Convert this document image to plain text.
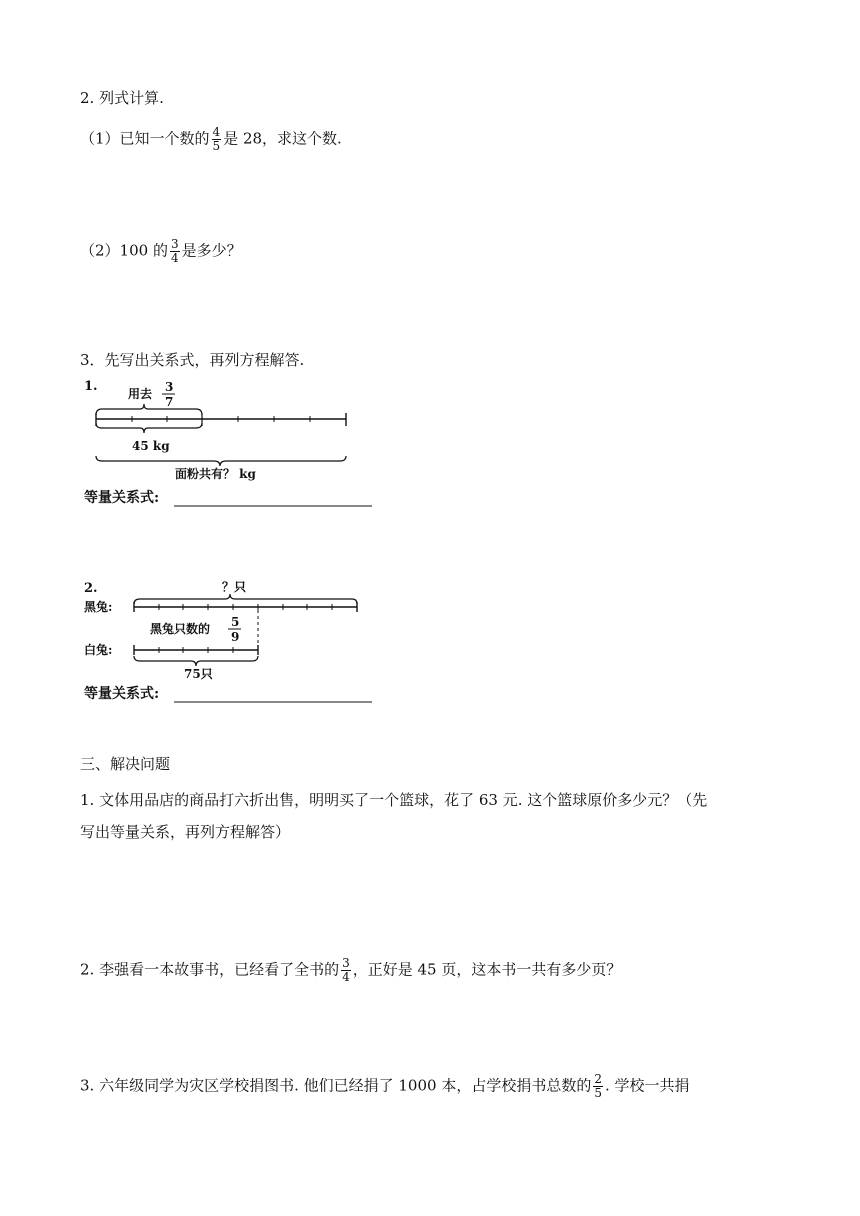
2. 列式计算.
（1）已知一个数的 $\frac{4}{5}$ 是 28，求这个数.
（2）100 的 $\frac{3}{4}$ 是多少？
3．先写出关系式，再列方程解答.
1.	用去 3
7
45 kg
面粉共有？ kg
等量关系式:
2.	？只
黑兔:
黑兔只数的 5
9
白兔:
75只
等量关系式:
三、解决问题
1. 文体用品店的商品打六折出售，明明买了一个篮球，花了 63 元. 这个篮球原价多少元？（先
写出等量关系，再列方程解答）
2. 李强看一本故事书，已经看了全书的 $\frac{3}{4}$ ，正好是 45 页，这本书一共有多少页？
3. 六年级同学为灾区学校捐图书. 他们已经捐了 1000 本，占学校捐书总数的 $\frac{2}{5}$ . 学校一共捐
